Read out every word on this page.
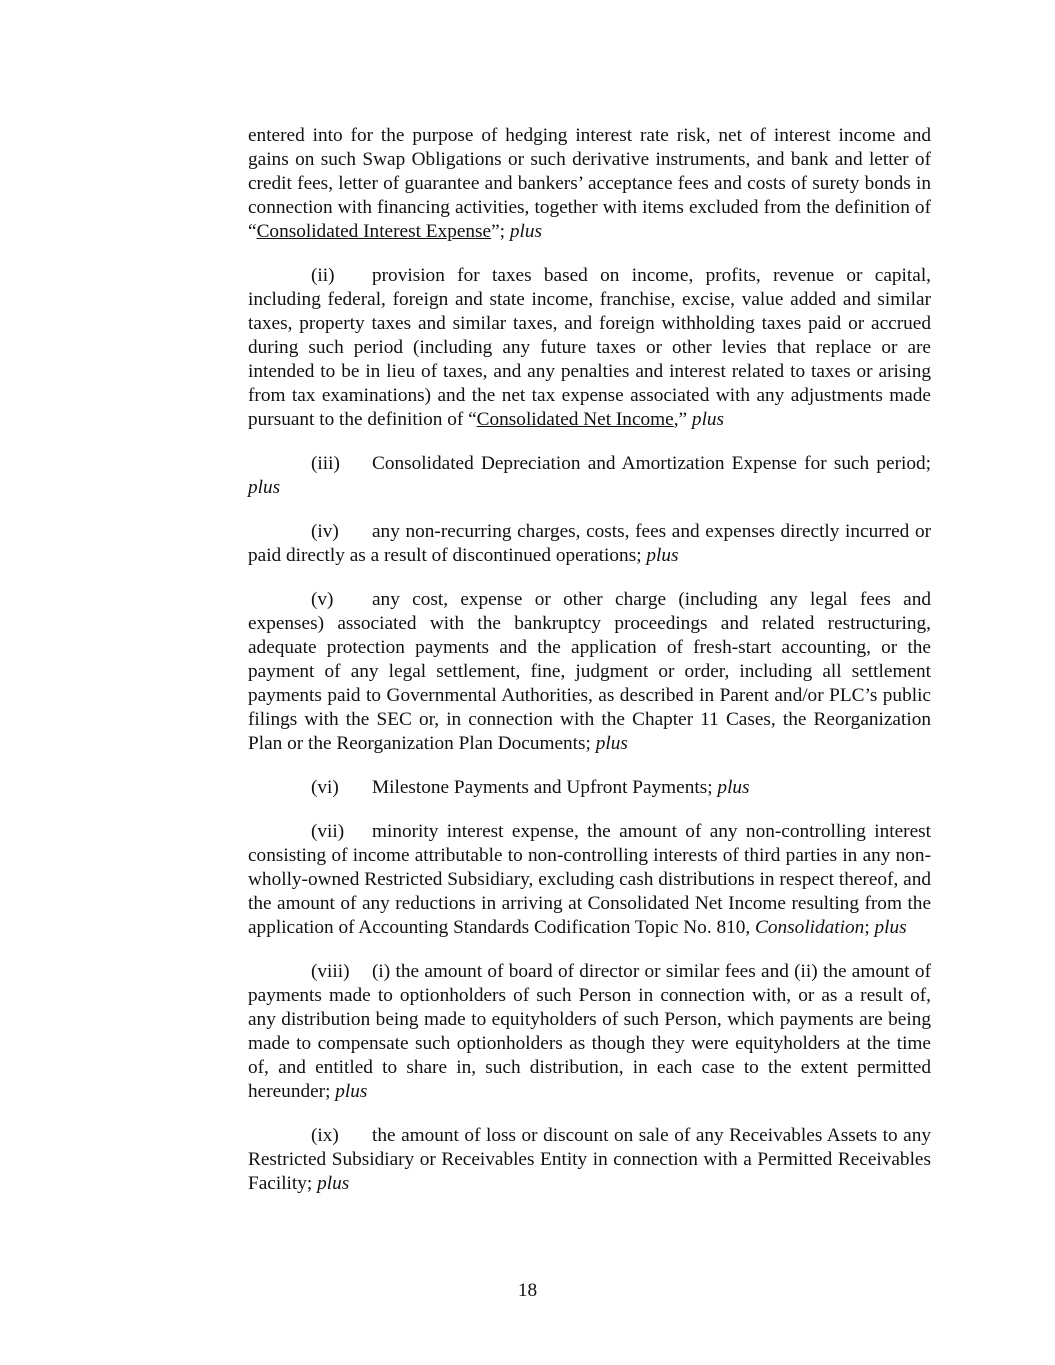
entered into for the purpose of hedging interest rate risk, net of interest income and gains on such Swap Obligations or such derivative instruments, and bank and letter of credit fees, letter of guarantee and bankers’ acceptance fees and costs of surety bonds in connection with financing activities, together with items excluded from the definition of “Consolidated Interest Expense”; plus

(ii) provision for taxes based on income, profits, revenue or capital, including federal, foreign and state income, franchise, excise, value added and similar taxes, property taxes and similar taxes, and foreign withholding taxes paid or accrued during such period (including any future taxes or other levies that replace or are intended to be in lieu of taxes, and any penalties and interest related to taxes or arising from tax examinations) and the net tax expense associated with any adjustments made pursuant to the definition of “Consolidated Net Income,” plus

(iii) Consolidated Depreciation and Amortization Expense for such period; plus

(iv) any non-recurring charges, costs, fees and expenses directly incurred or paid directly as a result of discontinued operations; plus

(v) any cost, expense or other charge (including any legal fees and expenses) associated with the bankruptcy proceedings and related restructuring, adequate protection payments and the application of fresh-start accounting, or the payment of any legal settlement, fine, judgment or order, including all settlement payments paid to Governmental Authorities, as described in Parent and/or PLC’s public filings with the SEC or, in connection with the Chapter 11 Cases, the Reorganization Plan or the Reorganization Plan Documents; plus

(vi) Milestone Payments and Upfront Payments; plus

(vii) minority interest expense, the amount of any non-controlling interest consisting of income attributable to non-controlling interests of third parties in any non-wholly-owned Restricted Subsidiary, excluding cash distributions in respect thereof, and the amount of any reductions in arriving at Consolidated Net Income resulting from the application of Accounting Standards Codification Topic No. 810, Consolidation; plus

(viii) (i) the amount of board of director or similar fees and (ii) the amount of payments made to optionholders of such Person in connection with, or as a result of, any distribution being made to equityholders of such Person, which payments are being made to compensate such optionholders as though they were equityholders at the time of, and entitled to share in, such distribution, in each case to the extent permitted hereunder; plus

(ix) the amount of loss or discount on sale of any Receivables Assets to any Restricted Subsidiary or Receivables Entity in connection with a Permitted Receivables Facility; plus

18
